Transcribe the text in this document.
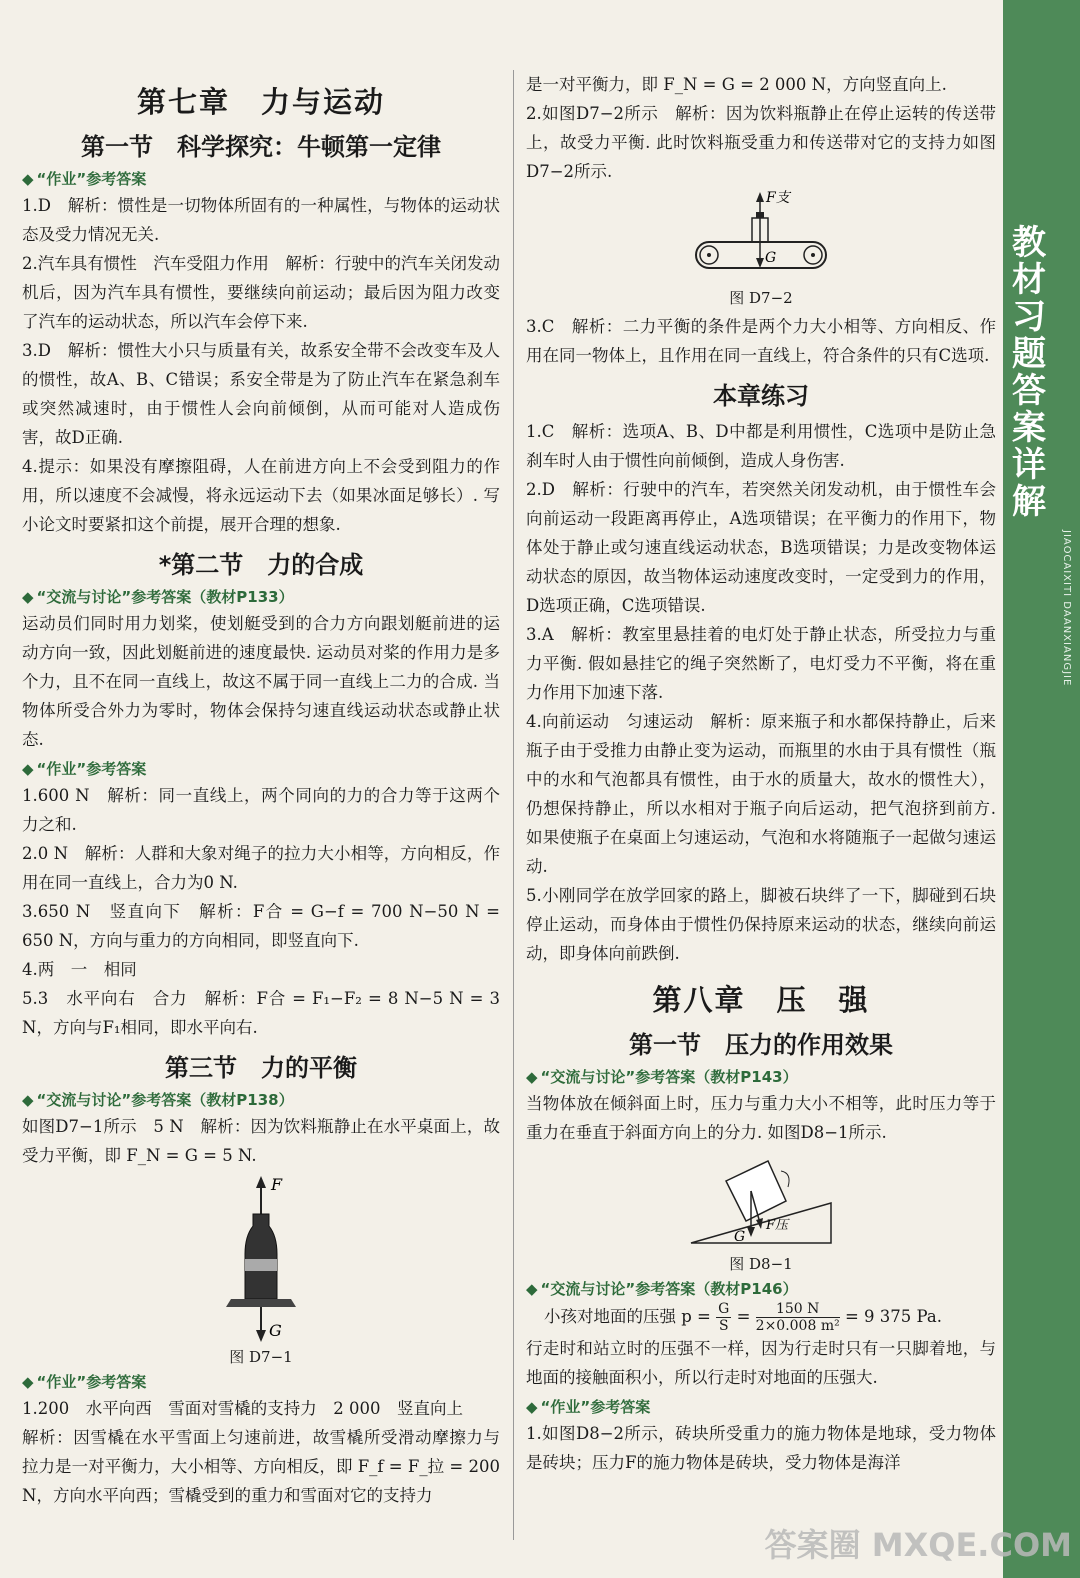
第七章　力与运动
第一节　科学探究：牛顿第一定律
◆ “作业”参考答案

1.D　解析：惯性是一切物体所固有的一种属性，与物体的运动状态及受力情况无关.

2.汽车具有惯性　汽车受阻力作用　解析：行驶中的汽车关闭发动机后，因为汽车具有惯性，要继续向前运动；最后因为阻力改变了汽车的运动状态，所以汽车会停下来.

3.D　解析：惯性大小只与质量有关，故系安全带不会改变车及人的惯性，故A、B、C错误；系安全带是为了防止汽车在紧急刹车或突然减速时，由于惯性人会向前倾倒，从而可能对人造成伤害，故D正确.

4.提示：如果没有摩擦阻碍，人在前进方向上不会受到阻力的作用，所以速度不会减慢，将永远运动下去（如果冰面足够长）. 写小论文时要紧扣这个前提，展开合理的想象.

*第二节　力的合成
◆ “交流与讨论”参考答案（教材P133）

运动员们同时用力划桨，使划艇受到的合力方向跟划艇前进的运动方向一致，因此划艇前进的速度最快. 运动员对桨的作用力是多个力，且不在同一直线上，故这不属于同一直线上二力的合成. 当物体所受合外力为零时，物体会保持匀速直线运动状态或静止状态.

◆ “作业”参考答案

1.600 N　解析：同一直线上，两个同向的力的合力等于这两个力之和.

2.0 N　解析：人群和大象对绳子的拉力大小相等，方向相反，作用在同一直线上，合力为0 N.

3.650 N　竖直向下　解析：F合 = G−f = 700 N−50 N = 650 N，方向与重力的方向相同，即竖直向下.

4.两　一　相同

5.3　水平向右　合力　解析：F合 = F₁−F₂ = 8 N−5 N = 3 N，方向与F₁相同，即水平向右.

第三节　力的平衡
◆ “交流与讨论”参考答案（教材P138）

如图D7−1所示　5 N　解析：因为饮料瓶静止在水平桌面上，故受力平衡，即 F_N = G = 5 N.

F
G
图 D7−1
◆ “作业”参考答案

1.200　水平向西　雪面对雪橇的支持力　2 000　竖直向上

解析：因雪橇在水平雪面上匀速前进，故雪橇所受滑动摩擦力与拉力是一对平衡力，大小相等、方向相反，即 F_f = F_拉 = 200 N，方向水平向西；雪橇受到的重力和雪面对它的支持力

是一对平衡力，即 F_N = G = 2 000 N，方向竖直向上.

2.如图D7−2所示　解析：因为饮料瓶静止在停止运转的传送带上，故受力平衡. 此时饮料瓶受重力和传送带对它的支持力如图D7−2所示.

F支
G
图 D7−2

3.C　解析：二力平衡的条件是两个力大小相等、方向相反、作用在同一物体上，且作用在同一直线上，符合条件的只有C选项.

本章练习

1.C　解析：选项A、B、D中都是利用惯性，C选项中是防止急刹车时人由于惯性向前倾倒，造成人身伤害.

2.D　解析：行驶中的汽车，若突然关闭发动机，由于惯性车会向前运动一段距离再停止，A选项错误；在平衡力的作用下，物体处于静止或匀速直线运动状态，B选项错误；力是改变物体运动状态的原因，故当物体运动速度改变时，一定受到力的作用，D选项正确，C选项错误.

3.A　解析：教室里悬挂着的电灯处于静止状态，所受拉力与重力平衡. 假如悬挂它的绳子突然断了，电灯受力不平衡，将在重力作用下加速下落.

4.向前运动　匀速运动　解析：原来瓶子和水都保持静止，后来瓶子由于受推力由静止变为运动，而瓶里的水由于具有惯性（瓶中的水和气泡都具有惯性，由于水的质量大，故水的惯性大），仍想保持静止，所以水相对于瓶子向后运动，把气泡挤到前方. 如果使瓶子在桌面上匀速运动，气泡和水将随瓶子一起做匀速运动.

5.小刚同学在放学回家的路上，脚被石块绊了一下，脚碰到石块停止运动，而身体由于惯性仍保持原来运动的状态，继续向前运动，即身体向前跌倒.

第八章　压　强
第一节　压力的作用效果
◆ “交流与讨论”参考答案（教材P143）

当物体放在倾斜面上时，压力与重力大小不相等，此时压力等于重力在垂直于斜面方向上的分力. 如图D8−1所示.

G
F压
图 D8−1
◆ “交流与讨论”参考答案（教材P146）

小孩对地面的压强 $p = \frac{G}{S} = \frac{150 N}{\text{2×0.008 m²}} = 9$ 375 Pa.

行走时和站立时的压强不一样，因为行走时只有一只脚着地，与地面的接触面积小，所以行走时对地面的压强大.

◆ “作业”参考答案

1.如图D8−2所示，砖块所受重力的施力物体是地球，受力物体是砖块；压力F的施力物体是砖块，受力物体是海洋

教材习题答案详解
JIAOCAIXITI DAANXIANGJIE
答案圈 MXQE.COM
